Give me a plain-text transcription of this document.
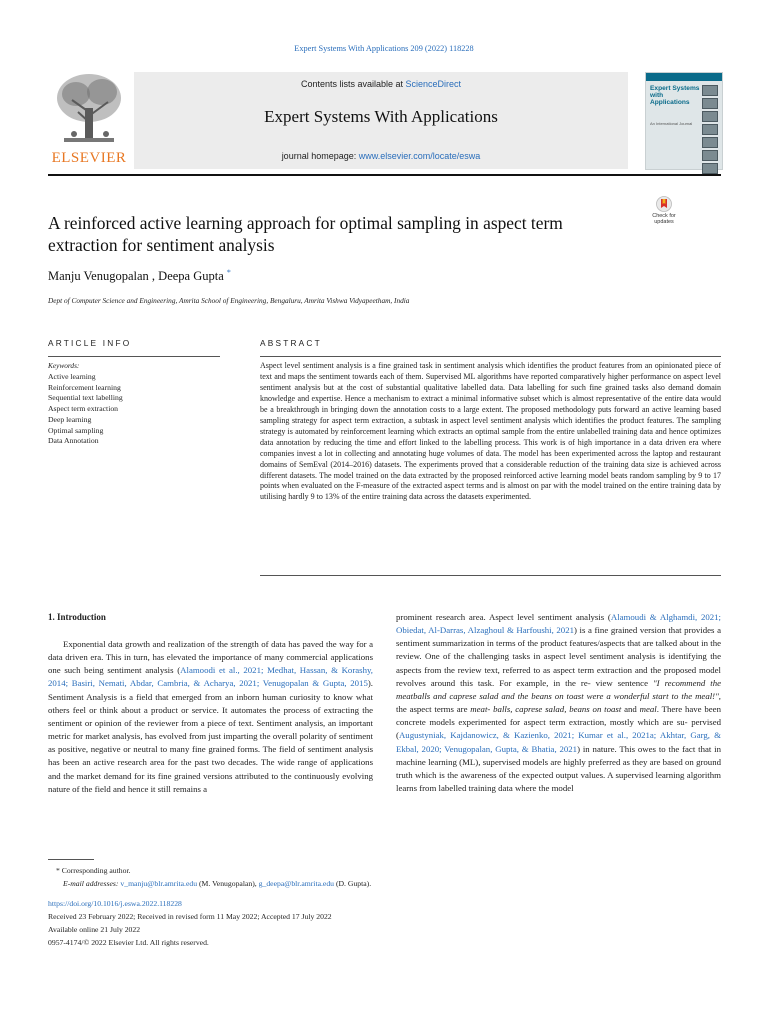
Expert Systems With Applications 209 (2022) 118228
ELSEVIER
Contents lists available at ScienceDirect
Expert Systems With Applications
journal homepage: www.elsevier.com/locate/eswa
Expert Systems with Applications
An International Journal
A reinforced active learning approach for optimal sampling in aspect term extraction for sentiment analysis
Check for updates
Manju Venugopalan , Deepa Gupta *
Dept of Computer Science and Engineering, Amrita School of Engineering, Bengaluru, Amrita Vishwa Vidyapeetham, India
ARTICLE INFO	ABSTRACT
Keywords:
Active learning
Reinforcement learning
Sequential text labelling
Aspect term extraction
Deep learning
Optimal sampling
Data Annotation
Aspect level sentiment analysis is a fine grained task in sentiment analysis which identifies the product features from an opinionated piece of text and maps the sentiment towards each of them. Supervised ML algorithms have reported comparatively higher performance on aspect level sentiment analysis but at the cost of substantial qualitative labelled data. Data labelling for such fine grained tasks also demand domain knowledge and expertise. Hence a mechanism to extract a minimal informative subset which is almost representative of the entire data would be a breakthrough in bringing down the annotation costs to a large extent. The proposed methodology puts forward an active learning based sampling strategy for aspect term extraction, a subtask in aspect level sentiment analysis which identifies the product features. The sampling strategy is automated by reinforcement learning which extracts an optimal sample from the entire unlabelled training data and hence optimizes data annotation by reducing the time and effort linked to the labelling process. This work is of high importance in a data driven era where companies invest a lot in collecting and annotating huge volumes of data. The model has been experimented across the laptop and restaurant domains of SemEval (2014–2016) datasets. The experiments proved that a considerable reduction of the training data size is achieved across different datasets. The model trained on the data extracted by the proposed reinforced active learning model beats random sampling by 9 to 17 points when evaluated on the F-measure of the extracted aspect terms and is almost on par with the model trained on the entire training data by utilising hardly 9 to 13% of the entire training data across the datasets experimented.
1. Introduction
Exponential data growth and realization of the strength of data has paved the way for a data driven era. This in turn, has elevated the importance of many commercial applications one such being sentiment analysis (Alamoodi et al., 2021; Medhat, Hassan, & Korashy, 2014; Basiri, Nemati, Abdar, Cambria, & Acharya, 2021; Venugopalan & Gupta, 2015). Sentiment Analysis is a field that emerged from an inborn human curiosity to know what others feel or think about a product or service. It automates the process of extracting the sentiment or opinion of the reviewer from a piece of text. Sentiment analysis, an important metric for market analysis, has evolved from just imparting the overall polarity of sentiment as positive, negative or neutral to many fine grained forms. The field of sentiment analysis has been an active research area for the past two decades. The wide range of applications and the market demand for its fine grained versions attributed to the continuously evolving nature of the field and hence it still remains a
prominent research area. Aspect level sentiment analysis (Alamoudi & Alghamdi, 2021; Obiedat, Al-Darras, Alzaghoul & Harfoushi, 2021) is a fine grained version that provides a sentiment summarization in terms of the product features/aspects that are talked about in the review. One of the challenging tasks in aspect level sentiment analysis is identifying the aspects from the review text, referred to as aspect term extraction and the proposed model revolves around this task. For example, in the re- view sentence "I recommend the meatballs and caprese salad and the beans on toast were a wonderful start to the meal!", the aspect terms are meat- balls, caprese salad, beans on toast and meal. There have been concrete models experimented for aspect term extraction, mostly which are su- pervised (Augustyniak, Kajdanowicz, & Kazienko, 2021; Kumar et al., 2021a; Akhtar, Garg, & Ekbal, 2020; Venugopalan, Gupta, & Bhatia, 2021) in nature. This owes to the fact that in machine learning (ML), supervised models are highly preferred as they are based on ground truth which is the awareness of the expected output values. A supervised learning algorithm learns from labelled training data where the model
* Corresponding author.
E-mail addresses: v_manju@blr.amrita.edu (M. Venugopalan), g_deepa@blr.amrita.edu (D. Gupta).
https://doi.org/10.1016/j.eswa.2022.118228
Received 23 February 2022; Received in revised form 11 May 2022; Accepted 17 July 2022
Available online 21 July 2022
0957-4174/© 2022 Elsevier Ltd. All rights reserved.
